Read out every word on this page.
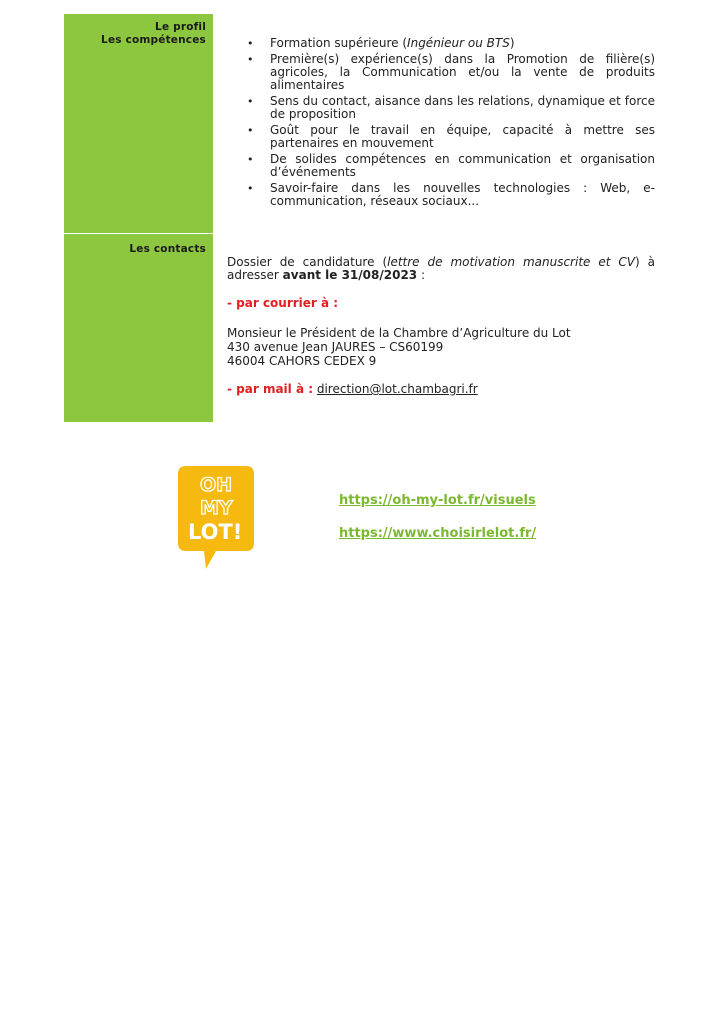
Le profil
Les compétences	• Formation supérieure (Ingénieur ou BTS)
• Première(s) expérience(s) dans la Promotion de filière(s) agricoles, la Communication et/ou la vente de produits alimentaires
• Sens du contact, aisance dans les relations, dynamique et force de proposition
• Goût pour le travail en équipe, capacité à mettre ses partenaires en mouvement
• De solides compétences en communication et organisation d’événements
• Savoir-faire dans les nouvelles technologies : Web, e-communication, réseaux sociaux...
Les contacts
Dossier de candidature (lettre de motivation manuscrite et CV) à adresser avant le 31/08/2023 :
- par courrier à :
Monsieur le Président de la Chambre d’Agriculture du Lot
430 avenue Jean JAURES – CS60199
46004 CAHORS CEDEX 9
- par mail à : direction@lot.chambagri.fr
OH
MY
LOT!
https://oh-my-lot.fr/visuels
https://www.choisirlelot.fr/
